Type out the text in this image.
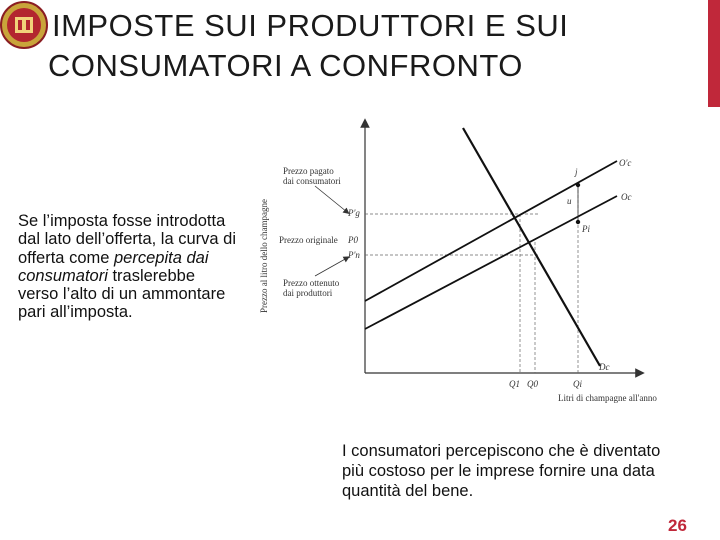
IMPOSTE SUI PRODUTTORI E SUI
CONSUMATORI A CONFRONTO
Se l’imposta fosse introdotta dal lato dell’offerta, la curva di offerta come percepita dai consumatori traslerebbe verso l’alto di un ammontare pari all’imposta.	Prezzo al litro dello champagne
Prezzo pagato dai consumatori
Prezzo originale
Prezzo ottenuto dai produttori
P'g
P0
P'n
j
u
Pi
O'c
Oc
Dc
Q1 Q0	Qi
Litri di champagne all'anno
I consumatori percepiscono che è diventato più costoso per le imprese fornire una data quantità del bene.
26
